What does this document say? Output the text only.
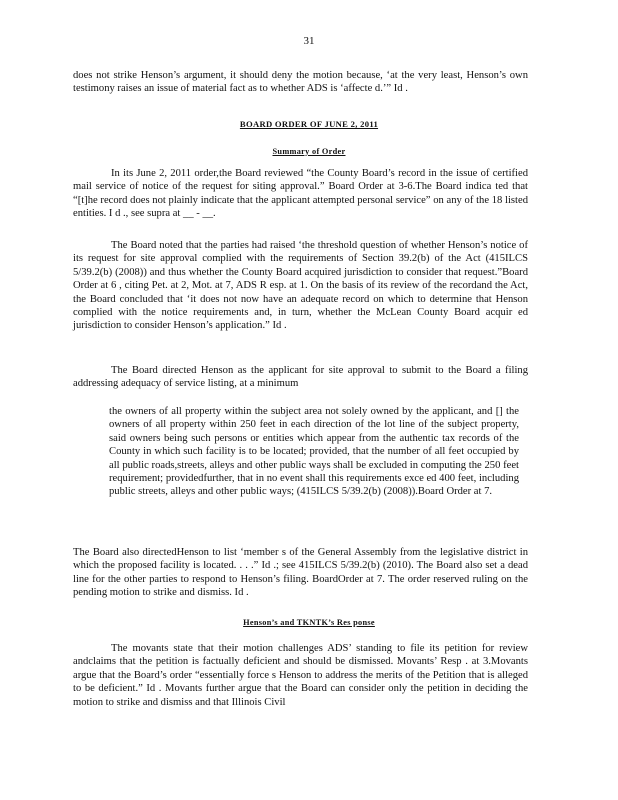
31

does not strike Henson’s argument, it should deny the motion because, ‘at the very least, Henson’s own testimony raises an issue of material fact as to whether ADS is ‘affecte d.’” Id .

BOARD ORDER OF JUNE 2, 2011
Summary of Order

In its June 2, 2011 order,the Board reviewed “the County Board’s record in the issue of certified mail service of notice of the request for siting approval.” Board Order at 3-6.The Board indica ted that “[t]he record does not plainly indicate that the applicant attempted personal service” on any of the 18 listed entities. I d ., see supra at __ - __.

The Board noted that the parties had raised ‘the threshold question of whether Henson’s notice of its request for site approval complied with the requirements of Section 39.2(b) of the Act (415ILCS 5/39.2(b) (2008)) and thus whether the County Board acquired jurisdiction to consider that request.”Board Order at 6 , citing Pet. at 2, Mot. at 7, ADS R esp. at 1. On the basis of its review of the recordand the Act, the Board concluded that ‘it does not now have an adequate record on which to determine that Henson complied with the notice requirements and, in turn, whether the McLean County Board acquir ed jurisdiction to consider Henson’s application.” Id .

The Board directed Henson as the applicant for site approval to submit to the Board a filing addressing adequacy of service listing, at a minimum

the owners of all property within the subject area not solely owned by the applicant, and [] the owners of all property within 250 feet in each direction of the lot line of the subject property, said owners being such persons or entities which appear from the authentic tax records of the County in which such facility is to be located; provided, that the number of all feet occupied by all public roads,streets, alleys and other public ways shall be excluded in computing the 250 feet requirement; providedfurther, that in no event shall this requirements exce ed 400 feet, including public streets, alleys and other public ways; (415ILCS 5/39.2(b) (2008)).Board Order at 7.

The Board also directedHenson to list ‘member s of the General Assembly from the legislative district in which the proposed facility is located. . . .” Id .; see 415ILCS 5/39.2(b) (2010). The Board also set a dead line for the other parties to respond to Henson’s filing. BoardOrder at 7. The order reserved ruling on the pending motion to strike and dismiss. Id .

Henson’s and TKNTK’s Res ponse

The movants state that their motion challenges ADS’ standing to file its petition for review andclaims that the petition is factually deficient and should be dismissed. Movants’ Resp . at 3.Movants argue that the Board’s order “essentially force s Henson to address the merits of the Petition that is alleged to be deficient.” Id . Movants further argue that the Board can consider only the petition in deciding the motion to strike and dismiss and that Illinois Civil
